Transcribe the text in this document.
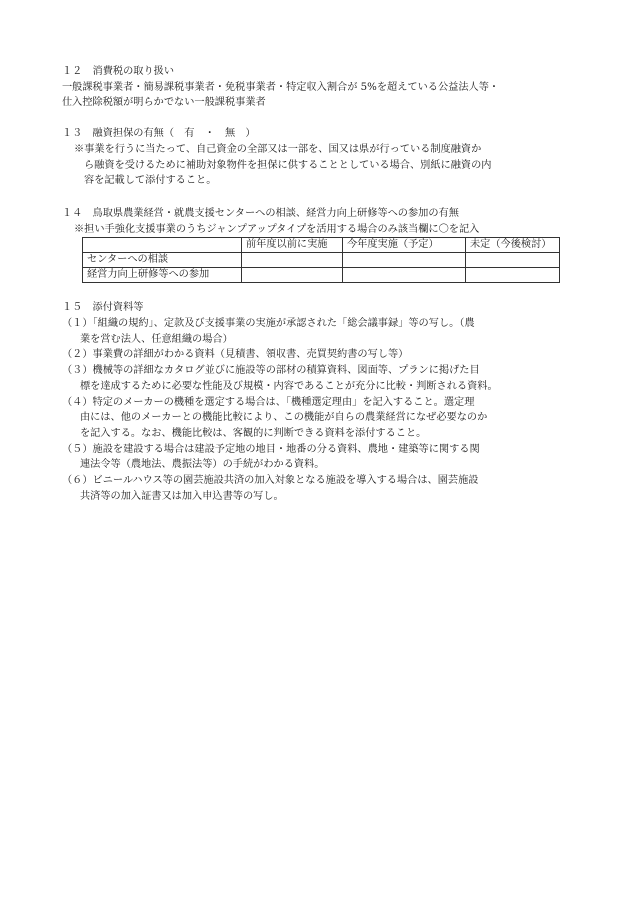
１２　消費税の取り扱い
一般課税事業者・簡易課税事業者・免税事業者・特定収入割合が 5%を超えている公益法人等・
仕入控除税額が明らかでない一般課税事業者
１３　融資担保の有無（　有　・　無　）
※事業を行うに当たって、自己資金の全部又は一部を、国又は県が行っている制度融資か
ら融資を受けるために補助対象物件を担保に供することとしている場合、別紙に融資の内
容を記載して添付すること。
１４　鳥取県農業経営・就農支援センターへの相談、経営力向上研修等への参加の有無
※担い手強化支援事業のうちジャンプアップタイプを活用する場合のみ該当欄に〇を記入
	前年度以前に実施	今年度実施（予定）	未定（今後検討）
センターへの相談			
経営力向上研修等への参加			
１５　添付資料等
（１）「組織の規約」、定款及び支援事業の実施が承認された「総会議事録」等の写し。（農
業を営む法人、任意組織の場合）
（２）事業費の詳細がわかる資料（見積書、領収書、売買契約書の写し等）
（３）機械等の詳細なカタログ並びに施設等の部材の積算資料、図面等、プランに掲げた目
標を達成するために必要な性能及び規模・内容であることが充分に比較・判断される資料。
（４）特定のメーカーの機種を選定する場合は、「機種選定理由」を記入すること。選定理
由には、他のメーカーとの機能比較により、この機能が自らの農業経営になぜ必要なのか
を記入する。なお、機能比較は、客観的に判断できる資料を添付すること。
（５）施設を建設する場合は建設予定地の地目・地番の分る資料、農地・建築等に関する関
連法令等（農地法、農振法等）の手続がわかる資料。
（６）ビニールハウス等の園芸施設共済の加入対象となる施設を導入する場合は、園芸施設
共済等の加入証書又は加入申込書等の写し。
